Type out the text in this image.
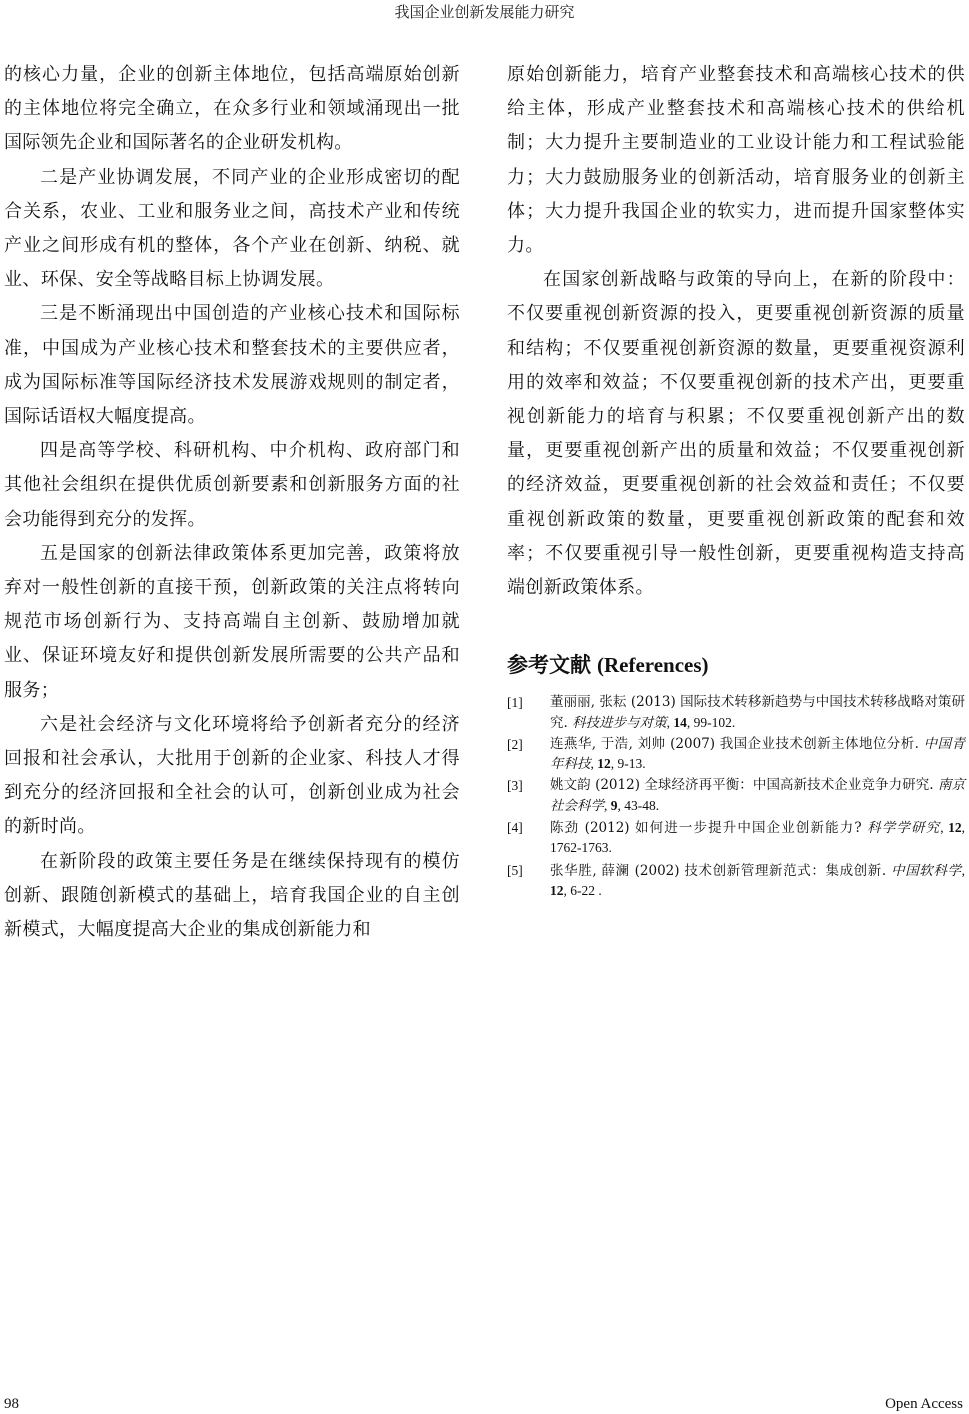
我国企业创新发展能力研究

的核心力量，企业的创新主体地位，包括高端原始创新的主体地位将完全确立，在众多行业和领域涌现出一批国际领先企业和国际著名的企业研发机构。

二是产业协调发展，不同产业的企业形成密切的配合关系，农业、工业和服务业之间，高技术产业和传统产业之间形成有机的整体，各个产业在创新、纳税、就业、环保、安全等战略目标上协调发展。

三是不断涌现出中国创造的产业核心技术和国际标准，中国成为产业核心技术和整套技术的主要供应者，成为国际标准等国际经济技术发展游戏规则的制定者，国际话语权大幅度提高。

四是高等学校、科研机构、中介机构、政府部门和其他社会组织在提供优质创新要素和创新服务方面的社会功能得到充分的发挥。

五是国家的创新法律政策体系更加完善，政策将放弃对一般性创新的直接干预，创新政策的关注点将转向规范市场创新行为、支持高端自主创新、鼓励增加就业、保证环境友好和提供创新发展所需要的公共产品和服务；

六是社会经济与文化环境将给予创新者充分的经济回报和社会承认，大批用于创新的企业家、科技人才得到充分的经济回报和全社会的认可，创新创业成为社会的新时尚。

在新阶段的政策主要任务是在继续保持现有的模仿创新、跟随创新模式的基础上，培育我国企业的自主创新模式，大幅度提高大企业的集成创新能力和

原始创新能力，培育产业整套技术和高端核心技术的供给主体，形成产业整套技术和高端核心技术的供给机制；大力提升主要制造业的工业设计能力和工程试验能力；大力鼓励服务业的创新活动，培育服务业的创新主体；大力提升我国企业的软实力，进而提升国家整体实力。

在国家创新战略与政策的导向上，在新的阶段中：不仅要重视创新资源的投入，更要重视创新资源的质量和结构；不仅要重视创新资源的数量，更要重视资源利用的效率和效益；不仅要重视创新的技术产出，更要重视创新能力的培育与积累；不仅要重视创新产出的数量，更要重视创新产出的质量和效益；不仅要重视创新的经济效益，更要重视创新的社会效益和责任；不仅要重视创新政策的数量，更要重视创新政策的配套和效率；不仅要重视引导一般性创新，更要重视构造支持高端创新政策体系。

参考文献 (References)
[1] 董丽丽, 张耘 (2013) 国际技术转移新趋势与中国技术转移战略对策研究. 科技进步与对策, 14, 99-102.
[2] 连燕华, 于浩, 刘帅 (2007) 我国企业技术创新主体地位分析. 中国青年科技, 12, 9-13.
[3] 姚文韵 (2012) 全球经济再平衡：中国高新技术企业竞争力研究. 南京社会科学, 9, 43-48.
[4] 陈劲 (2012) 如何进一步提升中国企业创新能力? 科学学研究, 12, 1762-1763.
[5] 张华胜, 薛澜 (2002) 技术创新管理新范式：集成创新. 中国软科学, 12, 6-22 .
98	Open Access
